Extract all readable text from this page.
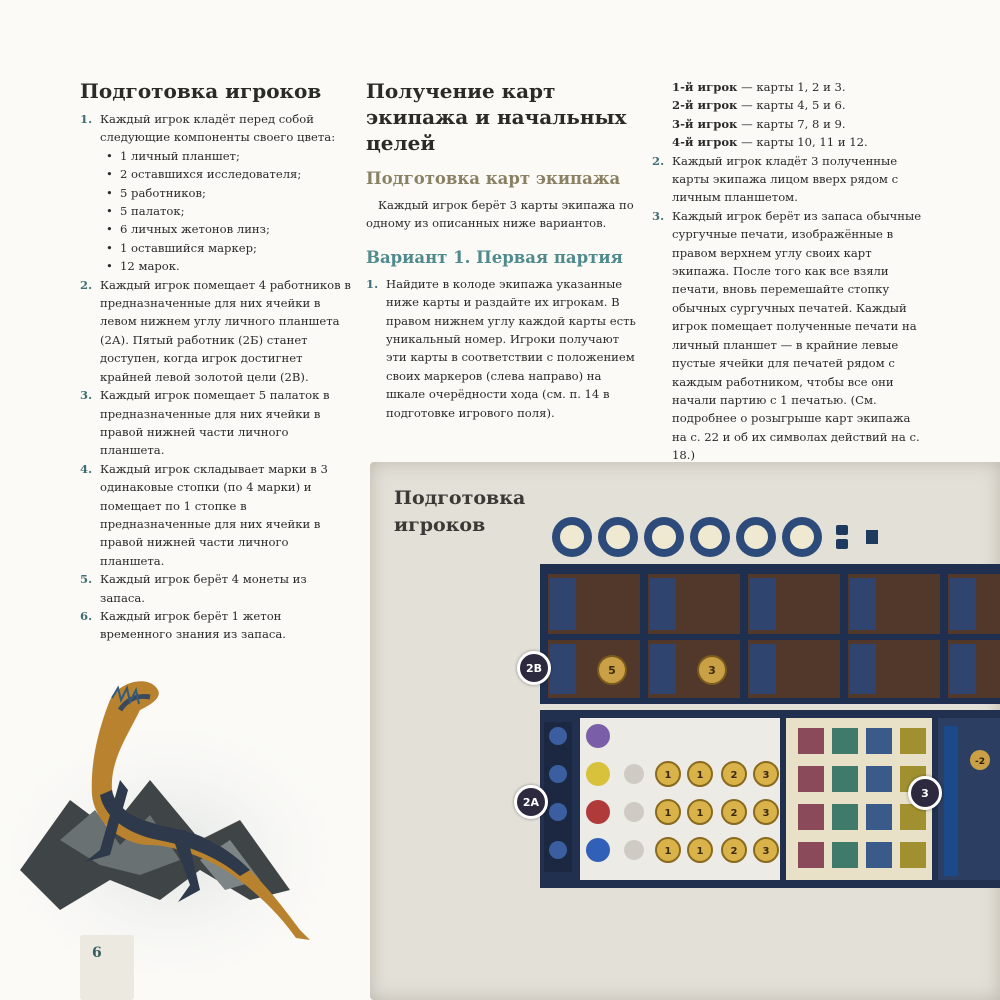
Подготовка игроков
1. Каждый игрок кладёт перед собой следующие компоненты своего цвета:
• 1 личный планшет;
• 2 оставшихся исследователя;
• 5 работников;
• 5 палаток;
• 6 личных жетонов линз;
• 1 оставшийся маркер;
• 12 марок.
2. Каждый игрок помещает 4 работников в предназначенные для них ячейки в левом нижнем углу личного планшета (2А). Пятый работник (2Б) станет доступен, когда игрок достигнет крайней левой золотой цели (2В).
3. Каждый игрок помещает 5 палаток в предназначенные для них ячейки в правой нижней части личного планшета.
4. Каждый игрок складывает марки в 3 одинаковые стопки (по 4 марки) и помещает по 1 стопке в предназначенные для них ячейки в правой нижней части личного планшета.
5. Каждый игрок берёт 4 монеты из запаса.
6. Каждый игрок берёт 1 жетон временного знания из запаса.
Получение карт экипажа и начальных целей
Подготовка карт экипажа

Каждый игрок берёт 3 карты экипажа по одному из описанных ниже вариантов.

Вариант 1. Первая партия
1. Найдите в колоде экипажа указанные ниже карты и раздайте их игрокам. В правом нижнем углу каждой карты есть уникальный номер. Игроки получают эти карты в соответствии с положением своих маркеров (слева направо) на шкале очерёдности хода (см. п. 14 в подготовке игрового поля).
1-й игрок — карты 1, 2 и 3.
2-й игрок — карты 4, 5 и 6.
3-й игрок — карты 7, 8 и 9.
4-й игрок — карты 10, 11 и 12.
2. Каждый игрок кладёт 3 полученные карты экипажа лицом вверх рядом с личным планшетом.
3. Каждый игрок берёт из запаса обычные сургучные печати, изображённые в правом верхнем углу своих карт экипажа. После того как все взяли печати, вновь перемешайте стопку обычных сургучных печатей. Каждый игрок помещает полученные печати на личный планшет — в крайние левые пустые ячейки для печатей рядом с каждым работником, чтобы все они начали партию с 1 печатью. (См. подробнее о розыгрыше карт экипажа на с. 22 и об их символах действий на с. 18.)
6
Подготовка игроков
5	3
1	1	2	3
1	1	2	3
1	1	2	3
-2
2В
2А
3
